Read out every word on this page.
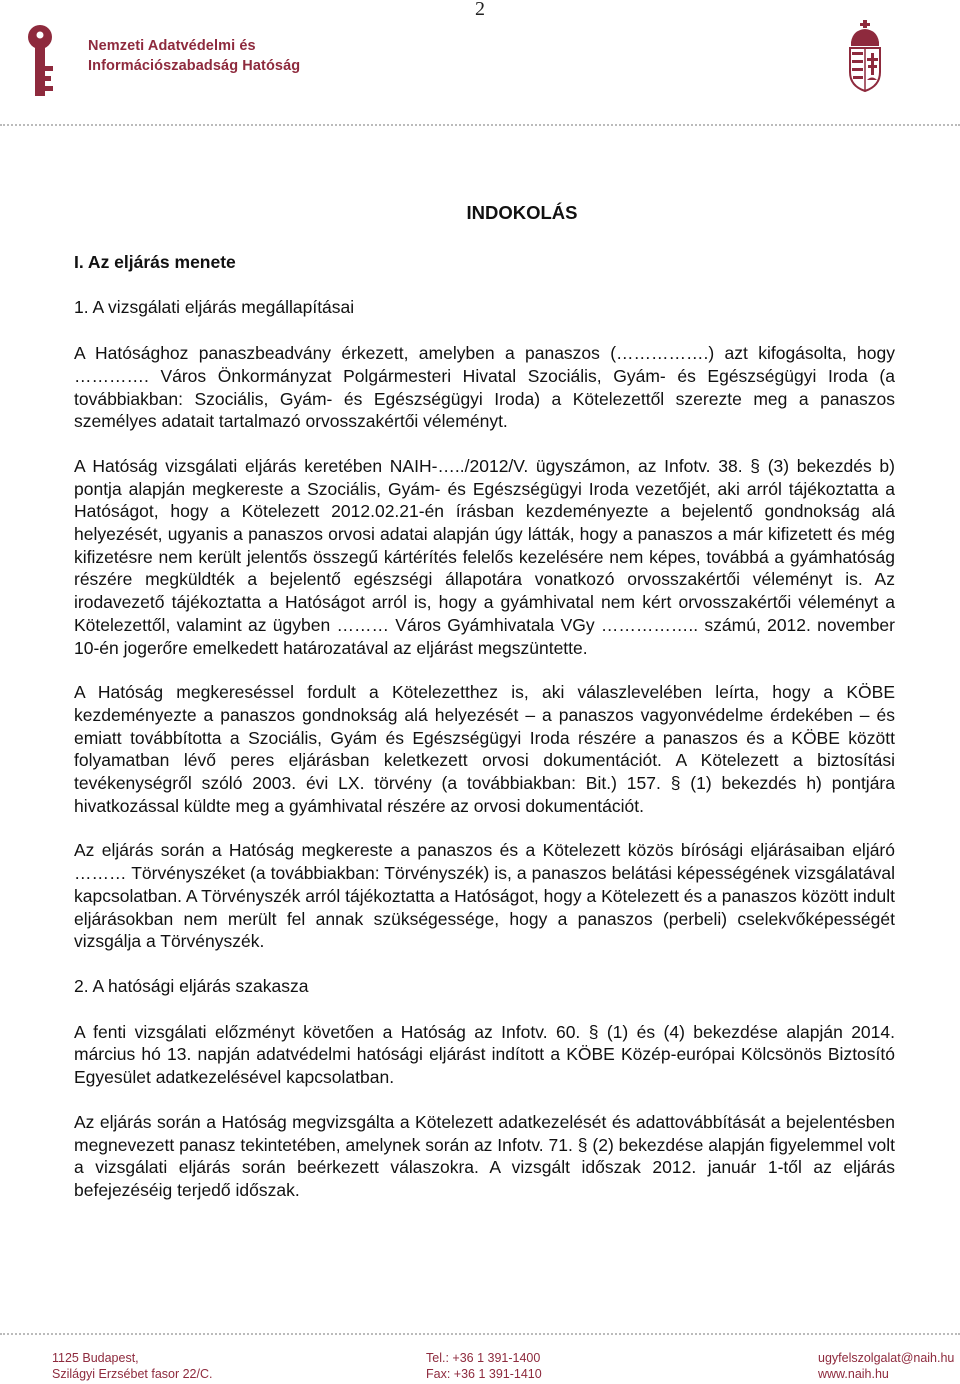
2
Nemzeti Adatvédelmi és
Információszabadság Hatóság
INDOKOLÁS
I. Az eljárás menete
1. A vizsgálati eljárás megállapításai

A Hatósághoz panaszbeadvány érkezett, amelyben a panaszos (…………….) azt kifogásolta, hogy …………. Város Önkormányzat Polgármesteri Hivatal Szociális, Gyám- és Egészségügyi Iroda (a továbbiakban: Szociális, Gyám- és Egészségügyi Iroda) a Kötelezettől szerezte meg a panaszos személyes adatait tartalmazó orvosszakértői véleményt.

A Hatóság vizsgálati eljárás keretében NAIH-…../2012/V. ügyszámon, az Infotv. 38. § (3) bekezdés b) pontja alapján megkereste a Szociális, Gyám- és Egészségügyi Iroda vezetőjét, aki arról tájékoztatta a Hatóságot, hogy a Kötelezett 2012.02.21-én írásban kezdeményezte a bejelentő gondnokság alá helyezését, ugyanis a panaszos orvosi adatai alapján úgy látták, hogy a panaszos a már kifizetett és még kifizetésre nem került jelentős összegű kártérítés felelős kezelésére nem képes, továbbá a gyámhatóság részére megküldték a bejelentő egészségi állapotára vonatkozó orvosszakértői véleményt is. Az irodavezető tájékoztatta a Hatóságot arról is, hogy a gyámhivatal nem kért orvosszakértői véleményt a Kötelezettől, valamint az ügyben ……… Város Gyámhivatala VGy …………….. számú, 2012. november 10-én jogerőre emelkedett határozatával az eljárást megszüntette.

A Hatóság megkereséssel fordult a Kötelezetthez is, aki válaszlevelében leírta, hogy a KÖBE kezdeményezte a panaszos gondnokság alá helyezését – a panaszos vagyonvédelme érdekében – és emiatt továbbította a Szociális, Gyám és Egészségügyi Iroda részére a panaszos és a KÖBE között folyamatban lévő peres eljárásban keletkezett orvosi dokumentációt. A Kötelezett a biztosítási tevékenységről szóló 2003. évi LX. törvény (a továbbiakban: Bit.) 157. § (1) bekezdés h) pontjára hivatkozással küldte meg a gyámhivatal részére az orvosi dokumentációt.

Az eljárás során a Hatóság megkereste a panaszos és a Kötelezett közös bírósági eljárásaiban eljáró ……… Törvényszéket (a továbbiakban: Törvényszék) is, a panaszos belátási képességének vizsgálatával kapcsolatban. A Törvényszék arról tájékoztatta a Hatóságot, hogy a Kötelezett és a panaszos között indult eljárásokban nem merült fel annak szükségessége, hogy a panaszos (perbeli) cselekvőképességét vizsgálja a Törvényszék.

2. A hatósági eljárás szakasza

A fenti vizsgálati előzményt követően a Hatóság az Infotv. 60. § (1) és (4) bekezdése alapján 2014. március hó 13. napján adatvédelmi hatósági eljárást indított a KÖBE Közép-európai Kölcsönös Biztosító Egyesület adatkezelésével kapcsolatban.

Az eljárás során a Hatóság megvizsgálta a Kötelezett adatkezelését és adattovábbítását a bejelentésben megnevezett panasz tekintetében, amelynek során az Infotv. 71. § (2) bekezdése alapján figyelemmel volt a vizsgálati eljárás során beérkezett válaszokra. A vizsgált időszak 2012. január 1-től az eljárás befejezéséig terjedő időszak.

1125 Budapest,
Szilágyi Erzsébet fasor 22/C.
Tel.: +36 1 391-1400
Fax: +36 1 391-1410
ugyfelszolgalat@naih.hu
www.naih.hu
